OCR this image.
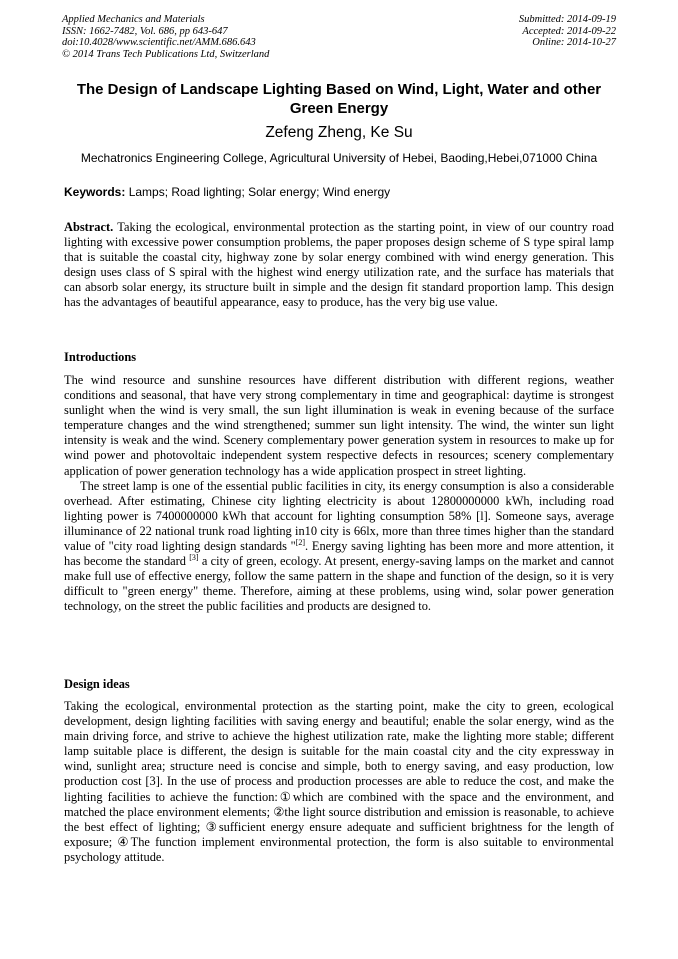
Applied Mechanics and Materials
ISSN: 1662-7482, Vol. 686, pp 643-647
doi:10.4028/www.scientific.net/AMM.686.643
© 2014 Trans Tech Publications Ltd, Switzerland
Submitted: 2014-09-19
Accepted: 2014-09-22
Online: 2014-10-27
The Design of Landscape Lighting Based on Wind, Light, Water and other Green Energy
Zefeng Zheng, Ke Su
Mechatronics Engineering College, Agricultural University of Hebei, Baoding,Hebei,071000 China
Keywords: Lamps; Road lighting; Solar energy; Wind energy

Abstract. Taking the ecological, environmental protection as the starting point, in view of our country road lighting with excessive power consumption problems, the paper proposes design scheme of S type spiral lamp that is suitable the coastal city, highway zone by solar energy combined with wind energy generation. This design uses class of S spiral with the highest wind energy utilization rate, and the surface has materials that can absorb solar energy, its structure built in simple and the design fit standard proportion lamp. This design has the advantages of beautiful appearance, easy to produce, has the very big use value.

Introductions

The wind resource and sunshine resources have different distribution with different regions, weather conditions and seasonal, that have very strong complementary in time and geographical: daytime is strongest sunlight when the wind is very small, the sun light illumination is weak in evening because of the surface temperature changes and the wind strengthened; summer sun light intensity. The wind, the winter sun light intensity is weak and the wind. Scenery complementary power generation system in resources to make up for wind power and photovoltaic independent system respective defects in resources; scenery complementary application of power generation technology has a wide application prospect in street lighting.

The street lamp is one of the essential public facilities in city, its energy consumption is also a considerable overhead. After estimating, Chinese city lighting electricity is about 12800000000 kWh, including road lighting power is 7400000000 kWh that account for lighting consumption 58% [l]. Someone says, average illuminance of 22 national trunk road lighting in10 city is 66lx, more than three times higher than the standard value of "city road lighting design standards "[2]. Energy saving lighting has been more and more attention, it has become the standard [3] a city of green, ecology. At present, energy-saving lamps on the market and cannot make full use of effective energy, follow the same pattern in the shape and function of the design, so it is very difficult to "green energy" theme. Therefore, aiming at these problems, using wind, solar power generation technology, on the street the public facilities and products are designed to.

Design ideas

Taking the ecological, environmental protection as the starting point, make the city to green, ecological development, design lighting facilities with saving energy and beautiful; enable the solar energy, wind as the main driving force, and strive to achieve the highest utilization rate, make the lighting more stable; different lamp suitable place is different, the design is suitable for the main coastal city and the city expressway in wind, sunlight area; structure need is concise and simple, both to energy saving, and easy production, low production cost [3]. In the use of process and production processes are able to reduce the cost, and make the lighting facilities to achieve the function:①which are combined with the space and the environment, and matched the place environment elements; ②the light source distribution and emission is reasonable, to achieve the best effect of lighting; ③sufficient energy ensure adequate and sufficient brightness for the length of exposure; ④The function implement environmental protection, the form is also suitable to environmental psychology attitude.
